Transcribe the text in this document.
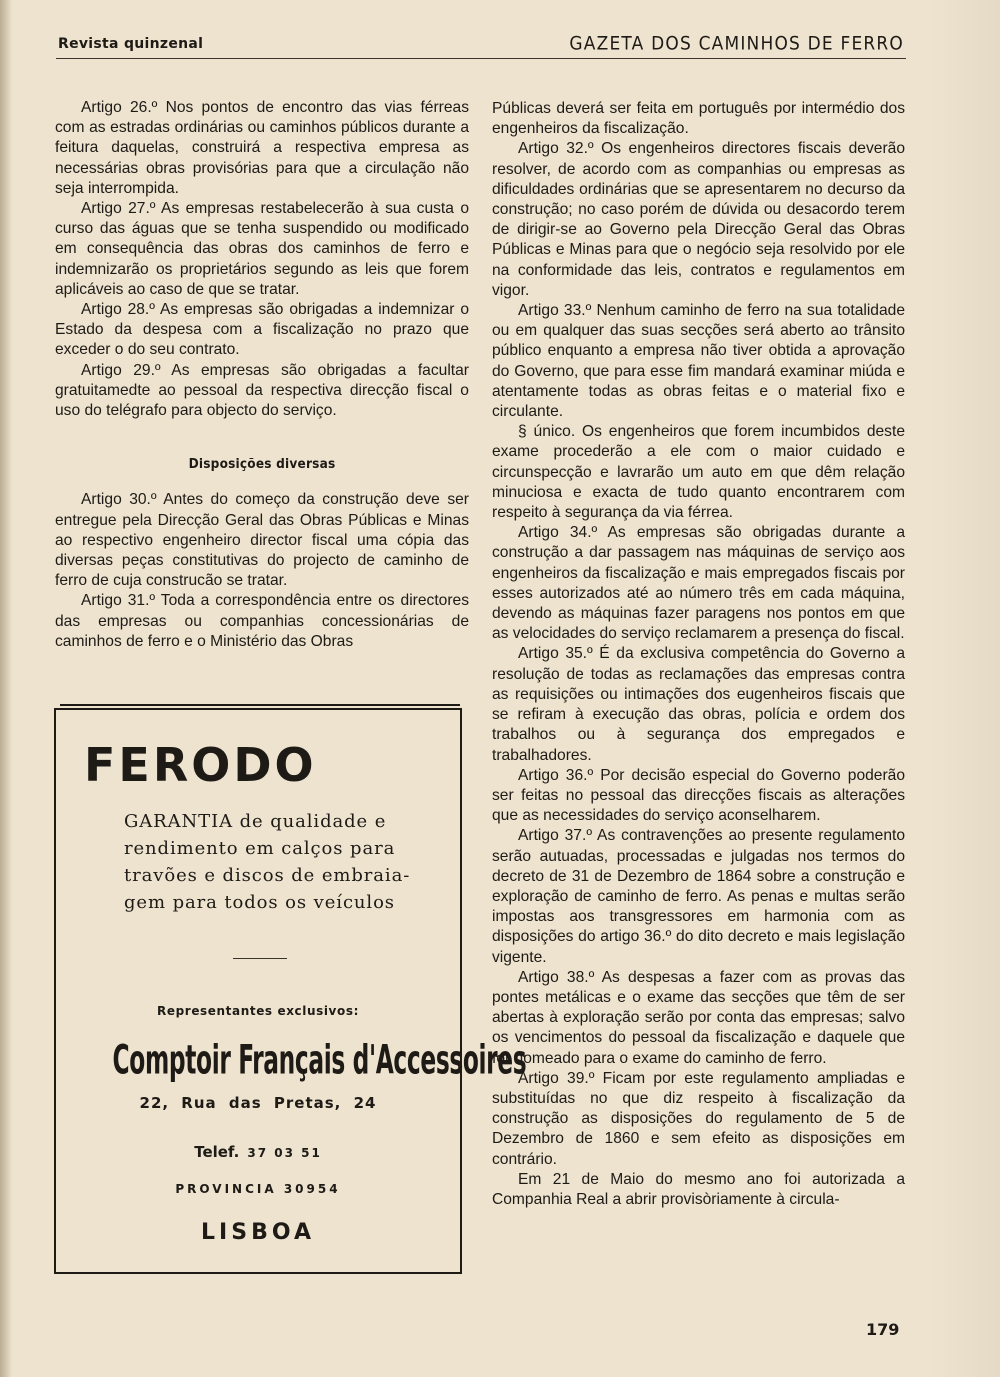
Revista quinzenal	GAZETA DOS CAMINHOS DE FERRO

Artigo 26.º Nos pontos de encontro das vias férreas com as estradas ordinárias ou caminhos públicos durante a feitura daquelas, construirá a respectiva empresa as necessárias obras provisórias para que a circulação não seja interrompida.

Artigo 27.º As empresas restabelecerão à sua custa o curso das águas que se tenha suspendido ou modificado em consequência das obras dos caminhos de ferro e indemnizarão os proprietários segundo as leis que forem aplicáveis ao caso de que se tratar.

Artigo 28.º As empresas são obrigadas a indemnizar o Estado da despesa com a fiscalização no prazo que exceder o do seu contrato.

Artigo 29.º As empresas são obrigadas a facultar gratuitamedte ao pessoal da respectiva direcção fiscal o uso do telégrafo para objecto do serviço.

Disposições diversas

Artigo 30.º Antes do começo da construção deve ser entregue pela Direcção Geral das Obras Públicas e Minas ao respectivo engenheiro director fiscal uma cópia das diversas peças constitutivas do projecto de caminho de ferro de cuja construcão se tratar.

Artigo 31.º Toda a correspondência entre os directores das empresas ou companhias concessionárias de caminhos de ferro e o Ministério das Obras

Públicas deverá ser feita em português por intermédio dos engenheiros da fiscalização.

Artigo 32.º Os engenheiros directores fiscais deverão resolver, de acordo com as companhias ou empresas as dificuldades ordinárias que se apresentarem no decurso da construção; no caso porém de dúvida ou desacordo terem de dirigir-se ao Governo pela Direcção Geral das Obras Públicas e Minas para que o negócio seja resolvido por ele na conformidade das leis, contratos e regulamentos em vigor.

Artigo 33.º Nenhum caminho de ferro na sua totalidade ou em qualquer das suas secções será aberto ao trânsito público enquanto a empresa não tiver obtida a aprovação do Governo, que para esse fim mandará examinar miúda e atentamente todas as obras feitas e o material fixo e circulante.

§ único. Os engenheiros que forem incumbidos deste exame procederão a ele com o maior cuidado e circunspecção e lavrarão um auto em que dêm relação minuciosa e exacta de tudo quanto encontrarem com respeito à segurança da via férrea.

Artigo 34.º As empresas são obrigadas durante a construção a dar passagem nas máquinas de serviço aos engenheiros da fiscalização e mais empregados fiscais por esses autorizados até ao número três em cada máquina, devendo as máquinas fazer paragens nos pontos em que as velocidades do serviço reclamarem a presença do fiscal.

Artigo 35.º É da exclusiva competência do Governo a resolução de todas as reclamações das empresas contra as requisições ou intimações dos eugenheiros fiscais que se refiram à execução das obras, polícia e ordem dos trabalhos ou à segurança dos empregados e trabalhadores.

Artigo 36.º Por decisão especial do Governo poderão ser feitas no pessoal das direcções fiscais as alterações que as necessidades do serviço aconselharem.

Artigo 37.º As contravenções ao presente regulamento serão autuadas, processadas e julgadas nos termos do decreto de 31 de Dezembro de 1864 sobre a construção e exploração de caminho de ferro. As penas e multas serão impostas aos transgressores em harmonia com as disposições do artigo 36.º do dito decreto e mais legislação vigente.

Artigo 38.º As despesas a fazer com as provas das pontes metálicas e o exame das secções que têm de ser abertas à exploração serão por conta das empresas; salvo os vencimentos do pessoal da fiscalização e daquele que for nomeado para o exame do caminho de ferro.

Artigo 39.º Ficam por este regulamento ampliadas e substituídas no que diz respeito à fiscalização da construção as disposições do regulamento de 5 de Dezembro de 1860 e sem efeito as disposições em contrário.

Em 21 de Maio do mesmo ano foi autorizada a Companhia Real a abrir provisòriamente à circula-

FERODO
GARANTIA de qualidade e
rendimento em calços para
travões e discos de embraia-
gem para todos os veículos
Representantes exclusivos:
Comptoir Français d'Accessoires
22, Rua das Pretas, 24
Telef. 37 03 51
PROVINCIA 30954
LISBOA
179
